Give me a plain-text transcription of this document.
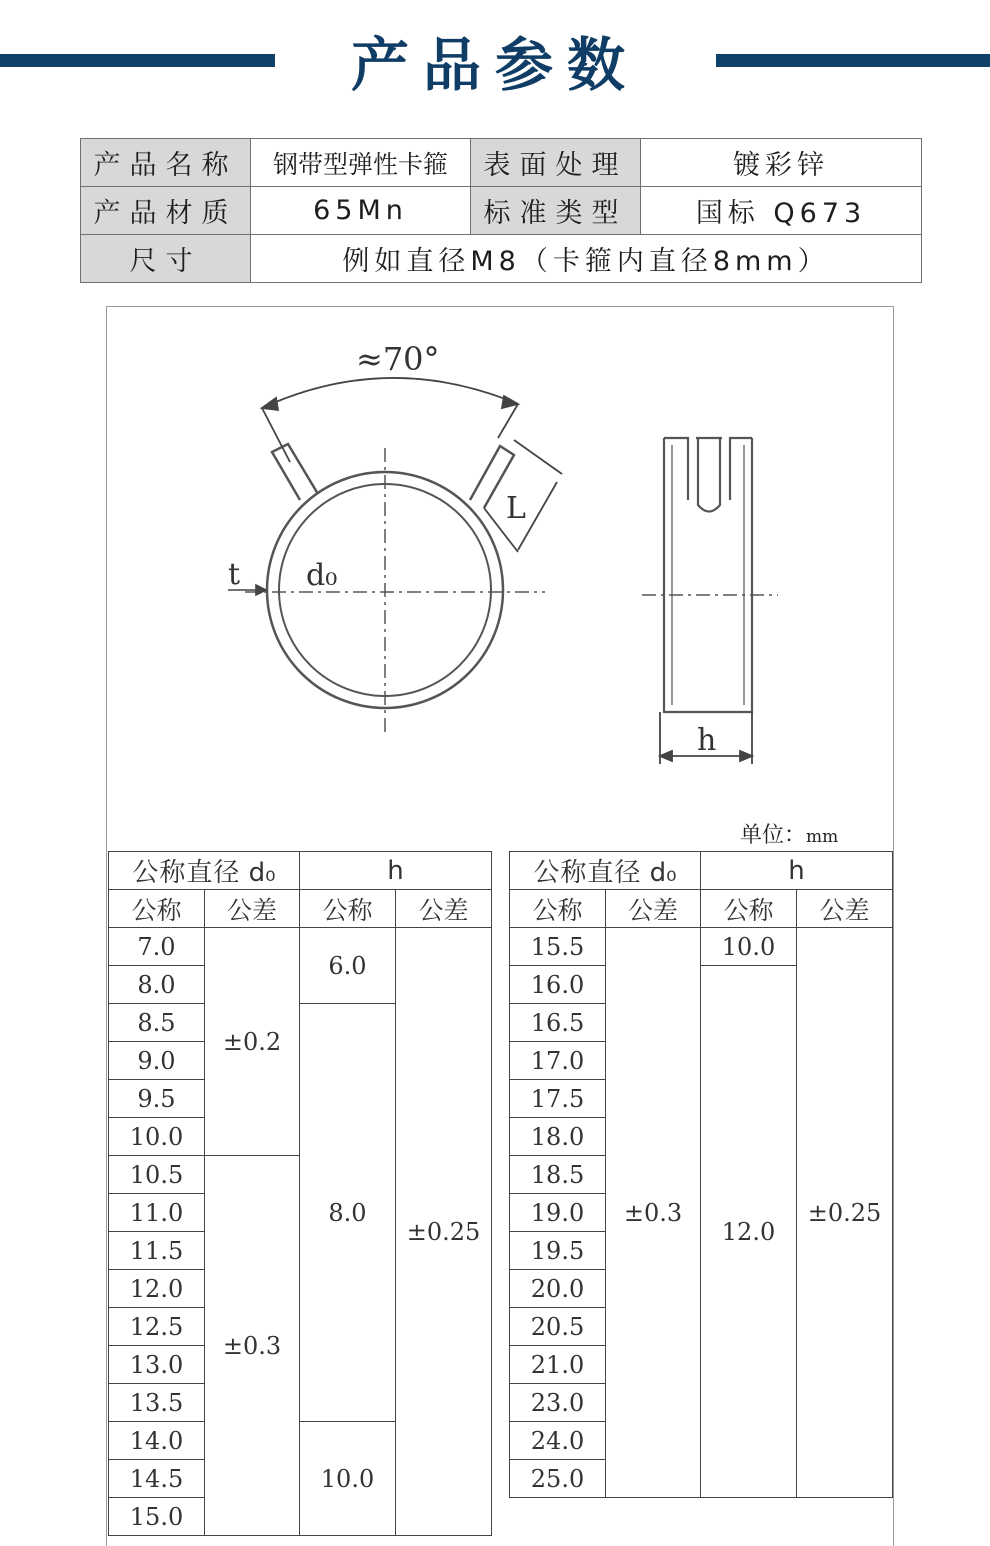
产品参数
产品名称	钢带型弹性卡箍	表面处理	镀彩锌
产品材质	65Mn	标准类型	国标 Q673
尺寸	例如直径M8（卡箍内直径8mm）		
≈70°
L
t d₀
h
单位：mm
公称直径 d₀		h	
公称	公差	公称	公差
7.0	±0.2	6.0	±0.25
8.0			
8.5		8.0	
9.0			
9.5			
10.0			
10.5	±0.3		
11.0			
11.5			
12.0			
12.5			
13.0			
13.5			
14.0		10.0	
14.5			
15.0			
公称直径 d₀		h	
公称	公差	公称	公差
15.5	±0.3	10.0	±0.25
16.0		12.0	
16.5			
17.0			
17.5			
18.0			
18.5			
19.0			
19.5			
20.0			
20.5			
21.0			
23.0			
24.0			
25.0			
